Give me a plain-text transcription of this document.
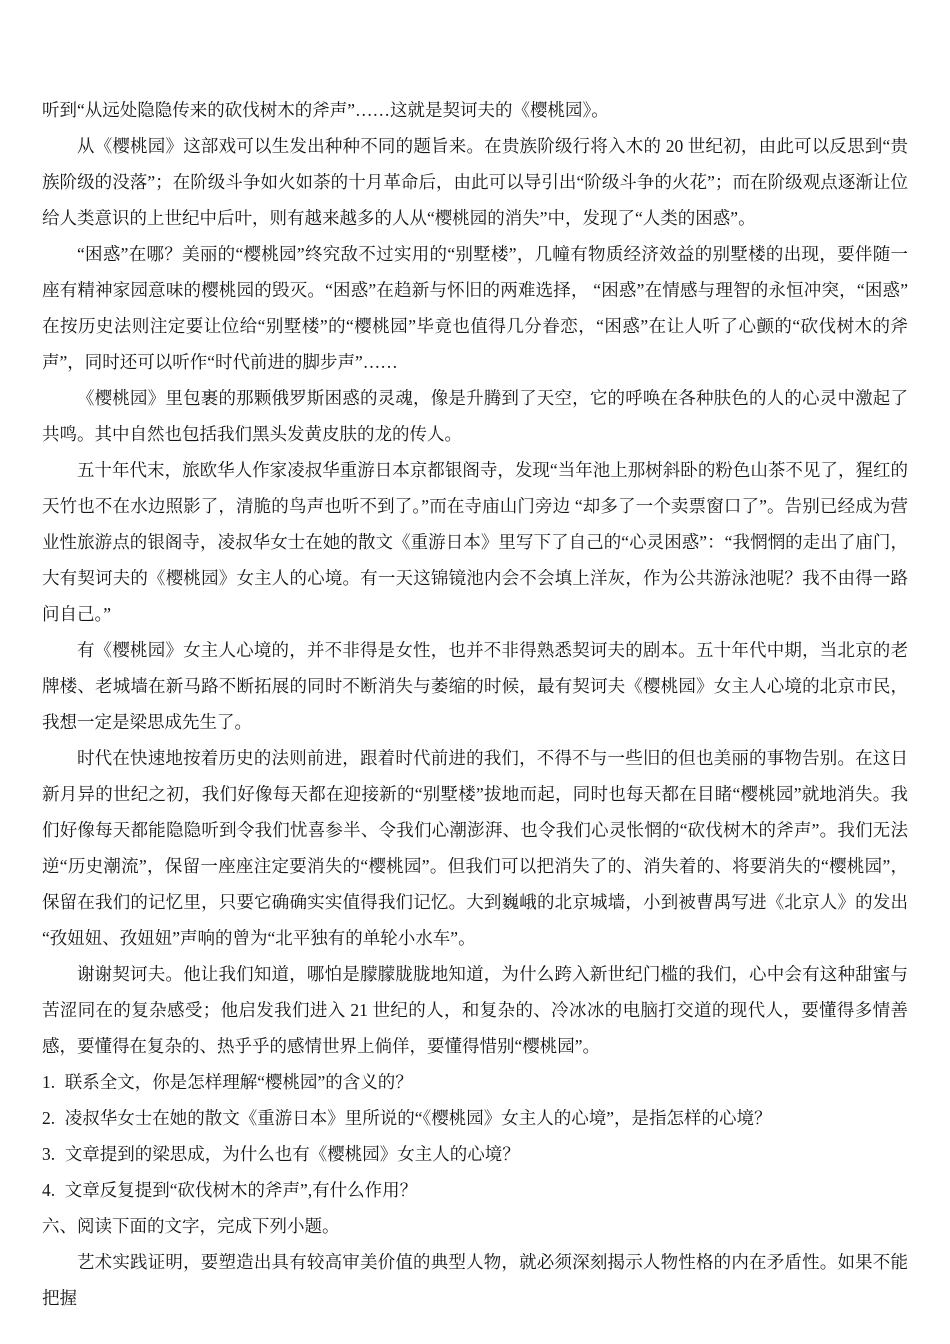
听到“从远处隐隐传来的砍伐树木的斧声”……这就是契诃夫的《樱桃园》。

从《樱桃园》这部戏可以生发出种种不同的题旨来。在贵族阶级行将入木的 20 世纪初，由此可以反思到“贵族阶级的没落”；在阶级斗争如火如荼的十月革命后，由此可以导引出“阶级斗争的火花”；而在阶级观点逐渐让位给人类意识的上世纪中后叶，则有越来越多的人从“樱桃园的消失”中，发现了“人类的困惑”。

“困惑”在哪？美丽的“樱桃园”终究敌不过实用的“别墅楼”，几幢有物质经济效益的别墅楼的出现，要伴随一座有精神家园意味的樱桃园的毁灭。“困惑”在趋新与怀旧的两难选择， “困惑”在情感与理智的永恒冲突，“困惑”在按历史法则注定要让位给“别墅楼”的“樱桃园”毕竟也值得几分眷恋，“困惑”在让人听了心颤的“砍伐树木的斧声”，同时还可以听作“时代前进的脚步声”……

《樱桃园》里包裹的那颗俄罗斯困惑的灵魂，像是升腾到了天空，它的呼唤在各种肤色的人的心灵中激起了共鸣。其中自然也包括我们黑头发黄皮肤的龙的传人。

五十年代末，旅欧华人作家凌叔华重游日本京都银阁寺，发现“当年池上那树斜卧的粉色山茶不见了，猩红的天竹也不在水边照影了，清脆的鸟声也听不到了。”而在寺庙山门旁边 “却多了一个卖票窗口了”。告别已经成为营业性旅游点的银阁寺，凌叔华女士在她的散文《重游日本》里写下了自己的“心灵困惑”：“我惘惘的走出了庙门，大有契诃夫的《樱桃园》女主人的心境。有一天这锦镜池内会不会填上洋灰，作为公共游泳池呢？我不由得一路问自己。”

有《樱桃园》女主人心境的，并不非得是女性，也并不非得熟悉契诃夫的剧本。五十年代中期，当北京的老牌楼、老城墙在新马路不断拓展的同时不断消失与萎缩的时候，最有契诃夫《樱桃园》女主人心境的北京市民，我想一定是梁思成先生了。

时代在快速地按着历史的法则前进，跟着时代前进的我们，不得不与一些旧的但也美丽的事物告别。在这日新月异的世纪之初，我们好像每天都在迎接新的“别墅楼”拔地而起，同时也每天都在目睹“樱桃园”就地消失。我们好像每天都能隐隐听到令我们忧喜参半、令我们心潮澎湃、也令我们心灵怅惘的“砍伐树木的斧声”。我们无法逆“历史潮流”，保留一座座注定要消失的“樱桃园”。但我们可以把消失了的、消失着的、将要消失的“樱桃园”，保留在我们的记忆里，只要它确确实实值得我们记忆。大到巍峨的北京城墙，小到被曹禺写进《北京人》的发出“孜妞妞、孜妞妞”声响的曾为“北平独有的单轮小水车”。

谢谢契诃夫。他让我们知道，哪怕是朦朦胧胧地知道，为什么跨入新世纪门槛的我们，心中会有这种甜蜜与苦涩同在的复杂感受；他启发我们进入 21 世纪的人，和复杂的、冷冰冰的电脑打交道的现代人，要懂得多情善感，要懂得在复杂的、热乎乎的感情世界上倘佯，要懂得惜别“樱桃园”。

1. 联系全文，你是怎样理解“樱桃园”的含义的？

2. 凌叔华女士在她的散文《重游日本》里所说的“《樱桃园》女主人的心境”，是指怎样的心境？

3. 文章提到的梁思成，为什么也有《樱桃园》女主人的心境？

4. 文章反复提到“砍伐树木的斧声”,有什么作用？

六、阅读下面的文字，完成下列小题。

艺术实践证明，要塑造出具有较高审美价值的典型人物，就必须深刻揭示人物性格的内在矛盾性。如果不能把握
